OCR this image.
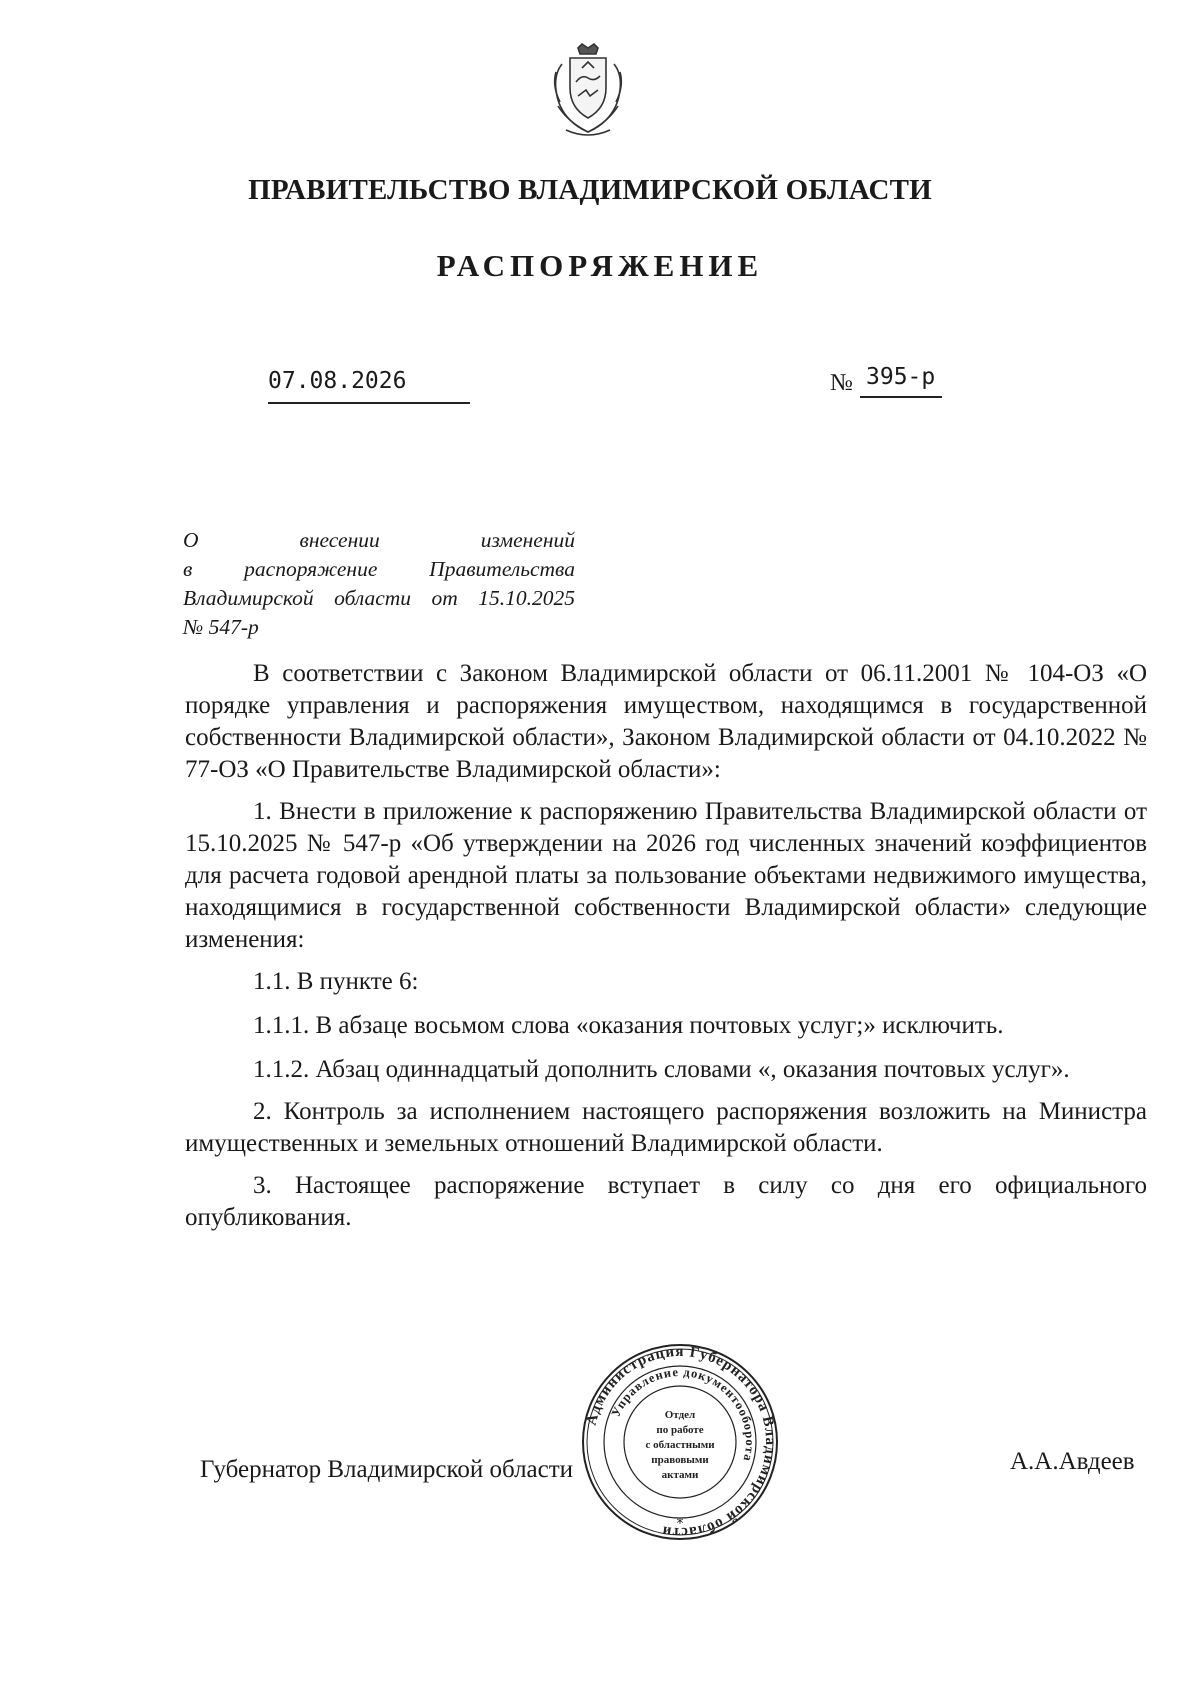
ПРАВИТЕЛЬСТВО ВЛАДИМИРСКОЙ ОБЛАСТИ
РАСПОРЯЖЕНИЕ
07.08.2026	№ 395-р
О внесении изменений
в распоряжение Правительства
Владимирской области от 15.10.2025
№ 547-р

В соответствии с Законом Владимирской области от 06.11.2001 № 104-ОЗ «О порядке управления и распоряжения имуществом, находящимся в государственной собственности Владимирской области», Законом Владимирской области от 04.10.2022 № 77-ОЗ «О Правительстве Владимирской области»:

1. Внести в приложение к распоряжению Правительства Владимирской области от 15.10.2025 № 547-р «Об утверждении на 2026 год численных значений коэффициентов для расчета годовой арендной платы за пользование объектами недвижимого имущества, находящимися в государственной собственности Владимирской области» следующие изменения:

1.1. В пункте 6:

1.1.1. В абзаце восьмом слова «оказания почтовых услуг;» исключить.

1.1.2. Абзац одиннадцатый дополнить словами «, оказания почтовых услуг».

2. Контроль за исполнением настоящего распоряжения возложить на Министра имущественных и земельных отношений Владимирской области.

3. Настоящее распоряжение вступает в силу со дня его официального опубликования.

Губернатор Владимирской области	А.А.Авдеев
Администрация Губернатора Владимирской области
Управление документооборота
Отдел
по работе
с областными
правовыми
актами
*
